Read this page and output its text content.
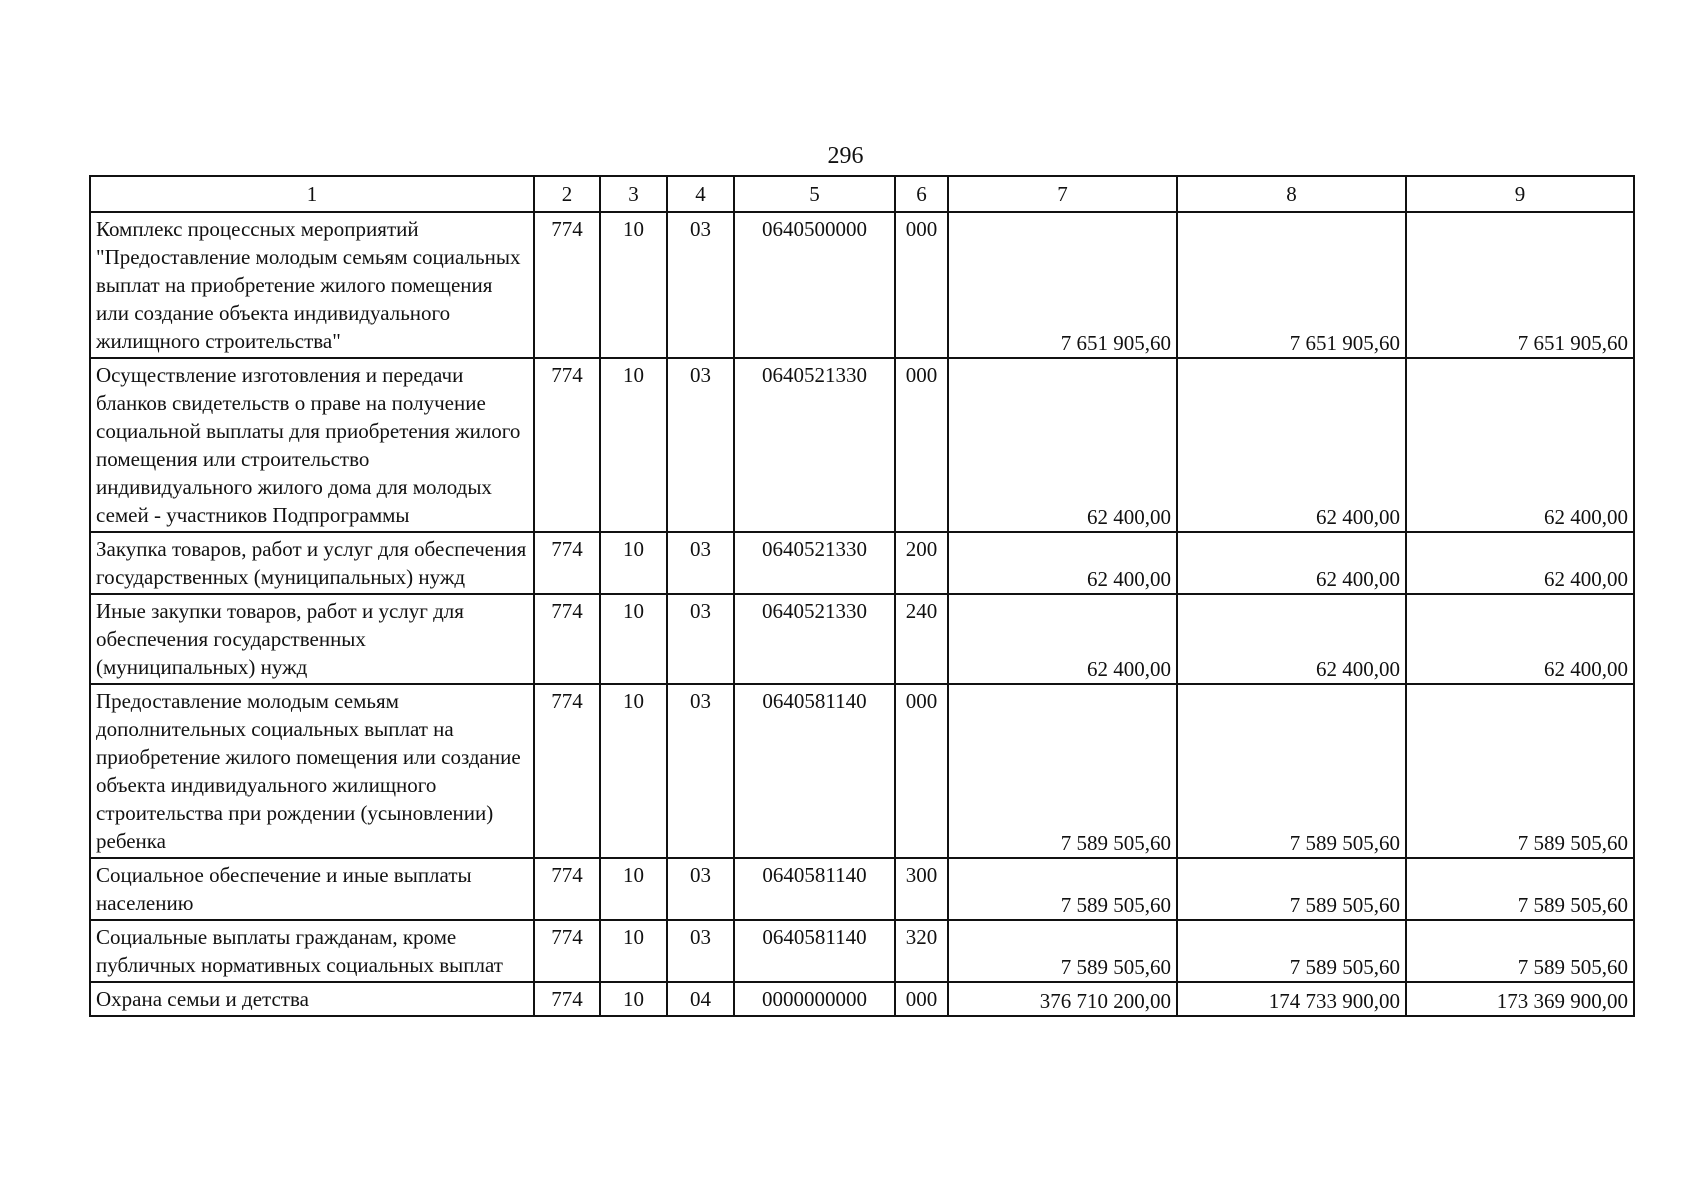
296
1	2	3	4	5	6	7	8	9
Комплекс процессных мероприятий "Предоставление молодым семьям социальных выплат на приобретение жилого помещения или создание объекта индивидуального жилищного строительства"	774	10	03	0640500000	000	7 651 905,60	7 651 905,60	7 651 905,60
Осуществление изготовления и передачи бланков свидетельств о праве на получение социальной выплаты для приобретения жилого помещения или строительство индивидуального жилого дома для молодых семей - участников Подпрограммы	774	10	03	0640521330	000	62 400,00	62 400,00	62 400,00
Закупка товаров, работ и услуг для обеспечения государственных (муниципальных) нужд	774	10	03	0640521330	200	62 400,00	62 400,00	62 400,00
Иные закупки товаров, работ и услуг для обеспечения государственных (муниципальных) нужд	774	10	03	0640521330	240	62 400,00	62 400,00	62 400,00
Предоставление молодым семьям дополнительных социальных выплат на приобретение жилого помещения или создание объекта индивидуального жилищного строительства при рождении (усыновлении) ребенка	774	10	03	0640581140	000	7 589 505,60	7 589 505,60	7 589 505,60
Социальное обеспечение и иные выплаты населению	774	10	03	0640581140	300	7 589 505,60	7 589 505,60	7 589 505,60
Социальные выплаты гражданам, кроме публичных нормативных социальных выплат	774	10	03	0640581140	320	7 589 505,60	7 589 505,60	7 589 505,60
Охрана семьи и детства	774	10	04	0000000000	000	376 710 200,00	174 733 900,00	173 369 900,00
